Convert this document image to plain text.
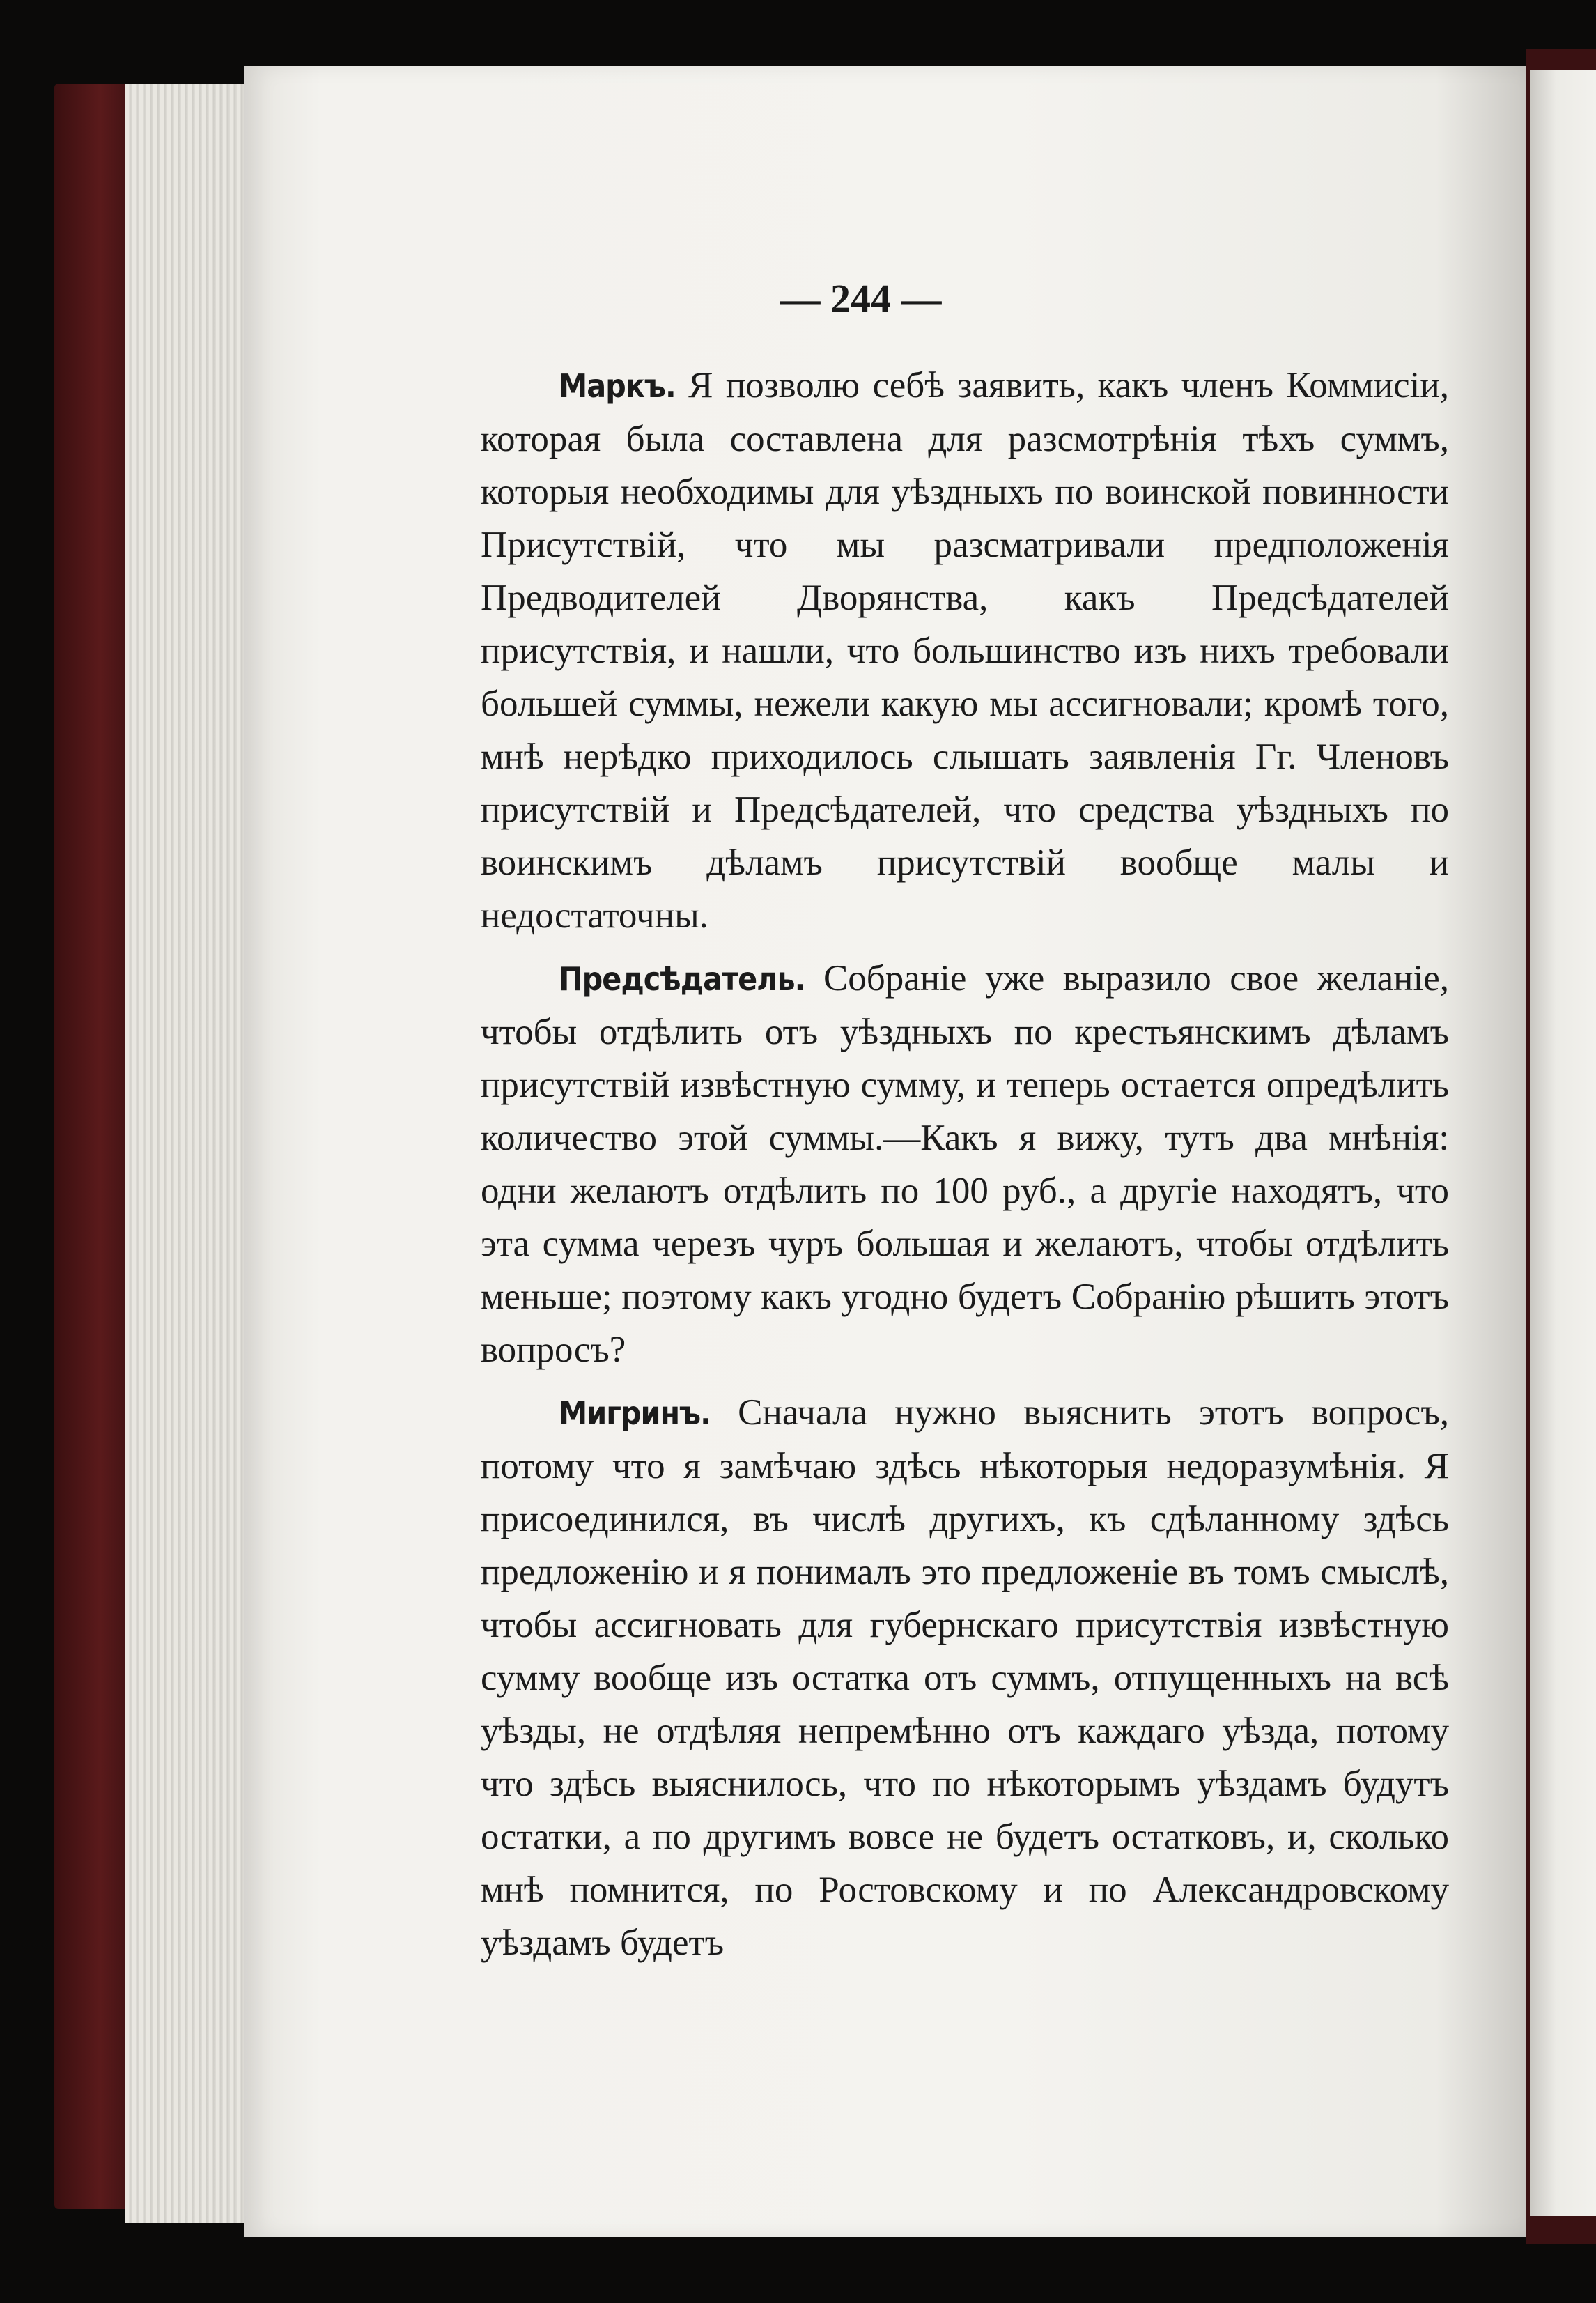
— 244 —

Маркъ. Я позволю себѣ заявить, какъ членъ Коммисіи, которая была составлена для разсмотрѣнія тѣхъ суммъ, которыя необходимы для уѣздныхъ по воинской повинности Присутствій, что мы разсматривали предположенія Предводителей Дворянства, какъ Предсѣдателей присутствія, и нашли, что большинство изъ нихъ требовали большей суммы, нежели какую мы ассигновали; кромѣ того, мнѣ нерѣдко приходилось слышать заявленія Гг. Членовъ присутствій и Предсѣдателей, что средства уѣздныхъ по воинскимъ дѣламъ присутствій вообще малы и недостаточны.

Предсѣдатель. Собраніе уже выразило свое желаніе, чтобы отдѣлить отъ уѣздныхъ по крестьянскимъ дѣламъ присутствій извѣстную сумму, и теперь остается опредѣлить количество этой суммы.—Какъ я вижу, тутъ два мнѣнія: одни желаютъ отдѣлить по 100 руб., а другіе находятъ, что эта сумма черезъ чуръ большая и желаютъ, чтобы отдѣлить меньше; поэтому какъ угодно будетъ Собранію рѣшить этотъ вопросъ?

Мигринъ. Сначала нужно выяснить этотъ вопросъ, потому что я замѣчаю здѣсь нѣкоторыя недоразумѣнія. Я присоединился, въ числѣ другихъ, къ сдѣланному здѣсь предложенію и я понималъ это предложеніе въ томъ смыслѣ, чтобы ассигновать для губернскаго присутствія извѣстную сумму вообще изъ остатка отъ суммъ, отпущенныхъ на всѣ уѣзды, не отдѣляя непремѣнно отъ каждаго уѣзда, потому что здѣсь выяснилось, что по нѣкоторымъ уѣздамъ будутъ остатки, а по другимъ вовсе не будетъ остатковъ, и, сколько мнѣ помнится, по Ростовскому и по Александровскому уѣздамъ будетъ
